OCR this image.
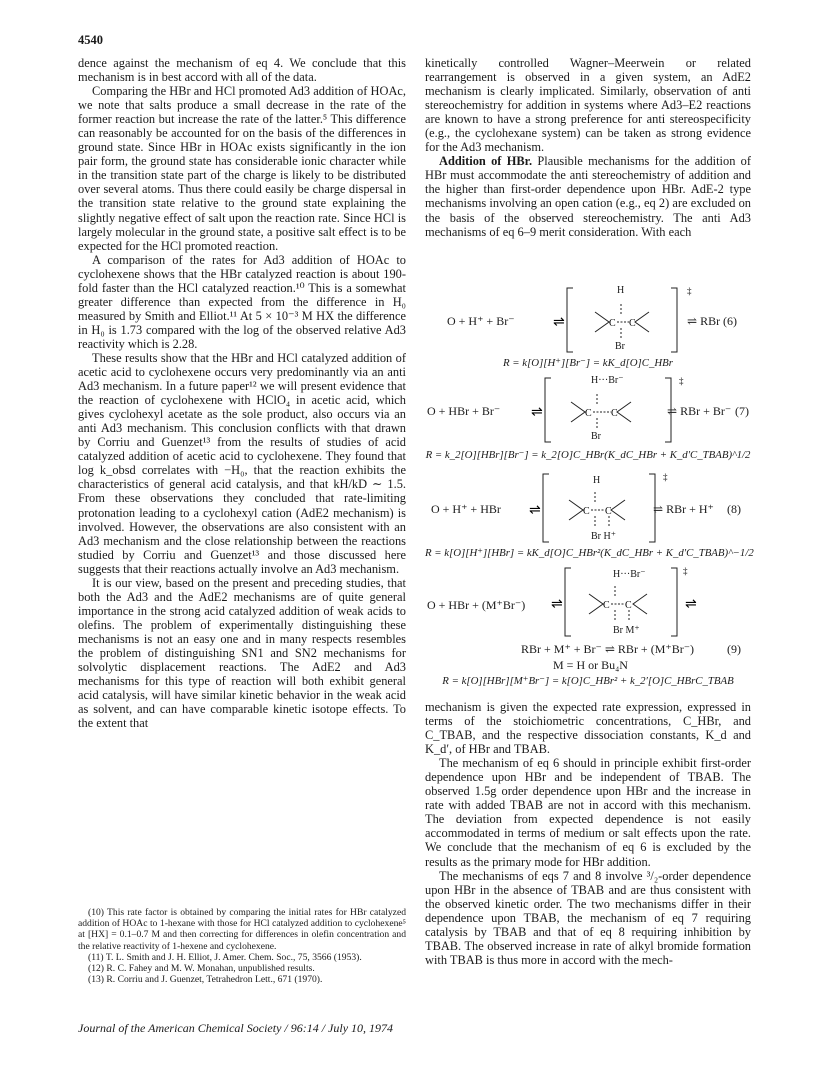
4540

dence against the mechanism of eq 4. We conclude that this mechanism is in best accord with all of the data.

Comparing the HBr and HCl promoted Ad3 addition of HOAc, we note that salts produce a small decrease in the rate of the former reaction but increase the rate of the latter.⁵ This difference can reasonably be accounted for on the basis of the differences in ground state. Since HBr in HOAc exists significantly in the ion pair form, the ground state has considerable ionic character while in the transition state part of the charge is likely to be distributed over several atoms. Thus there could easily be charge dispersal in the transition state relative to the ground state explaining the slightly negative effect of salt upon the reaction rate. Since HCl is largely molecular in the ground state, a positive salt effect is to be expected for the HCl promoted reaction.

A comparison of the rates for Ad3 addition of HOAc to cyclohexene shows that the HBr catalyzed reaction is about 190-fold faster than the HCl catalyzed reaction.¹⁰ This is a somewhat greater difference than expected from the difference in H₀ measured by Smith and Elliot.¹¹ At 5 × 10⁻³ M HX the difference in H₀ is 1.73 compared with the log of the observed relative Ad3 reactivity which is 2.28.

These results show that the HBr and HCl catalyzed addition of acetic acid to cyclohexene occurs very predominantly via an anti Ad3 mechanism. In a future paper¹² we will present evidence that the reaction of cyclohexene with HClO₄ in acetic acid, which gives cyclohexyl acetate as the sole product, also occurs via an anti Ad3 mechanism. This conclusion conflicts with that drawn by Corriu and Guenzet¹³ from the results of studies of acid catalyzed addition of acetic acid to cyclohexene. They found that log k_obsd correlates with −H₀, that the reaction exhibits the characteristics of general acid catalysis, and that kH/kD ∼ 1.5. From these observations they concluded that rate-limiting protonation leading to a cyclohexyl cation (AdE2 mechanism) is involved. However, the observations are also consistent with an Ad3 mechanism and the close relationship between the reactions studied by Corriu and Guenzet¹³ and those discussed here suggests that their reactions actually involve an Ad3 mechanism.

It is our view, based on the present and preceding studies, that both the Ad3 and the AdE2 mechanisms are of quite general importance in the strong acid catalyzed addition of weak acids to olefins. The problem of experimentally distinguishing these mechanisms is not an easy one and in many respects resembles the problem of distinguishing SN1 and SN2 mechanisms for solvolytic displacement reactions. The AdE2 and Ad3 mechanisms for this type of reaction will both exhibit general acid catalysis, will have similar kinetic behavior in the weak acid as solvent, and can have comparable kinetic isotope effects. To the extent that

(10) This rate factor is obtained by comparing the initial rates for HBr catalyzed addition of HOAc to 1-hexane with those for HCl catalyzed addition to cyclohexene⁵ at [HX] = 0.1–0.7 M and then correcting for differences in olefin concentration and the relative reactivity of 1-hexene and cyclohexene.

(11) T. L. Smith and J. H. Elliot, J. Amer. Chem. Soc., 75, 3566 (1953).

(12) R. C. Fahey and M. W. Monahan, unpublished results.

(13) R. Corriu and J. Guenzet, Tetrahedron Lett., 671 (1970).

Journal of the American Chemical Society / 96:14 / July 10, 1974

kinetically controlled Wagner–Meerwein or related rearrangement is observed in a given system, an AdE2 mechanism is clearly implicated. Similarly, observation of anti stereochemistry for addition in systems where Ad3–E2 reactions are known to have a strong preference for anti stereospecificity (e.g., the cyclohexane system) can be taken as strong evidence for the Ad3 mechanism.

Addition of HBr. Plausible mechanisms for the addition of HBr must accommodate the anti stereochemistry of addition and the higher than first-order dependence upon HBr. AdE-2 type mechanisms involving an open cation (e.g., eq 2) are excluded on the basis of the observed stereochemistry. The anti Ad3 mechanisms of eq 6–9 merit consideration. With each

O + H⁺ + Br⁻	⇌	C C
‡
H
Br
⇌ RBr (6)
R = k[O][H⁺][Br⁻] = kK_d[O]C_HBr
O + HBr + Br⁻ ⇌	C C
‡
H···Br⁻
Br
⇌ RBr + Br⁻ (7)
R = k_2[O][HBr][Br⁻] = k_2[O]C_HBr(K_dC_HBr + K_d′C_TBAB)^1/2
O + H⁺ + HBr ⇌	C C
‡
H
Br H⁺
⇌ RBr + H⁺ (8)
R = k[O][H⁺][HBr] = kK_d[O]C_HBr²(K_dC_HBr + K_d′C_TBAB)^−1/2
O + HBr + (M⁺Br⁻) ⇌	C C
‡
⇌
H···Br⁻
Br M⁺
RBr + M⁺ + Br⁻ ⇌ RBr + (M⁺Br⁻)	(9)
M = H or Bu₄N
R = k[O][HBr][M⁺Br⁻] = k[O]C_HBr² + k_2′[O]C_HBrC_TBAB

mechanism is given the expected rate expression, expressed in terms of the stoichiometric concentrations, C_HBr, and C_TBAB, and the respective dissociation constants, K_d and K_d′, of HBr and TBAB.

The mechanism of eq 6 should in principle exhibit first-order dependence upon HBr and be independent of TBAB. The observed 1.5g order dependence upon HBr and the increase in rate with added TBAB are not in accord with this mechanism. The deviation from expected dependence is not easily accommodated in terms of medium or salt effects upon the rate. We conclude that the mechanism of eq 6 is excluded by the results as the primary mode for HBr addition.

The mechanisms of eqs 7 and 8 involve ³/₂-order dependence upon HBr in the absence of TBAB and are thus consistent with the observed kinetic order. The two mechanisms differ in their dependence upon TBAB, the mechanism of eq 7 requiring catalysis by TBAB and that of eq 8 requiring inhibition by TBAB. The observed increase in rate of alkyl bromide formation with TBAB is thus more in accord with the mech-
